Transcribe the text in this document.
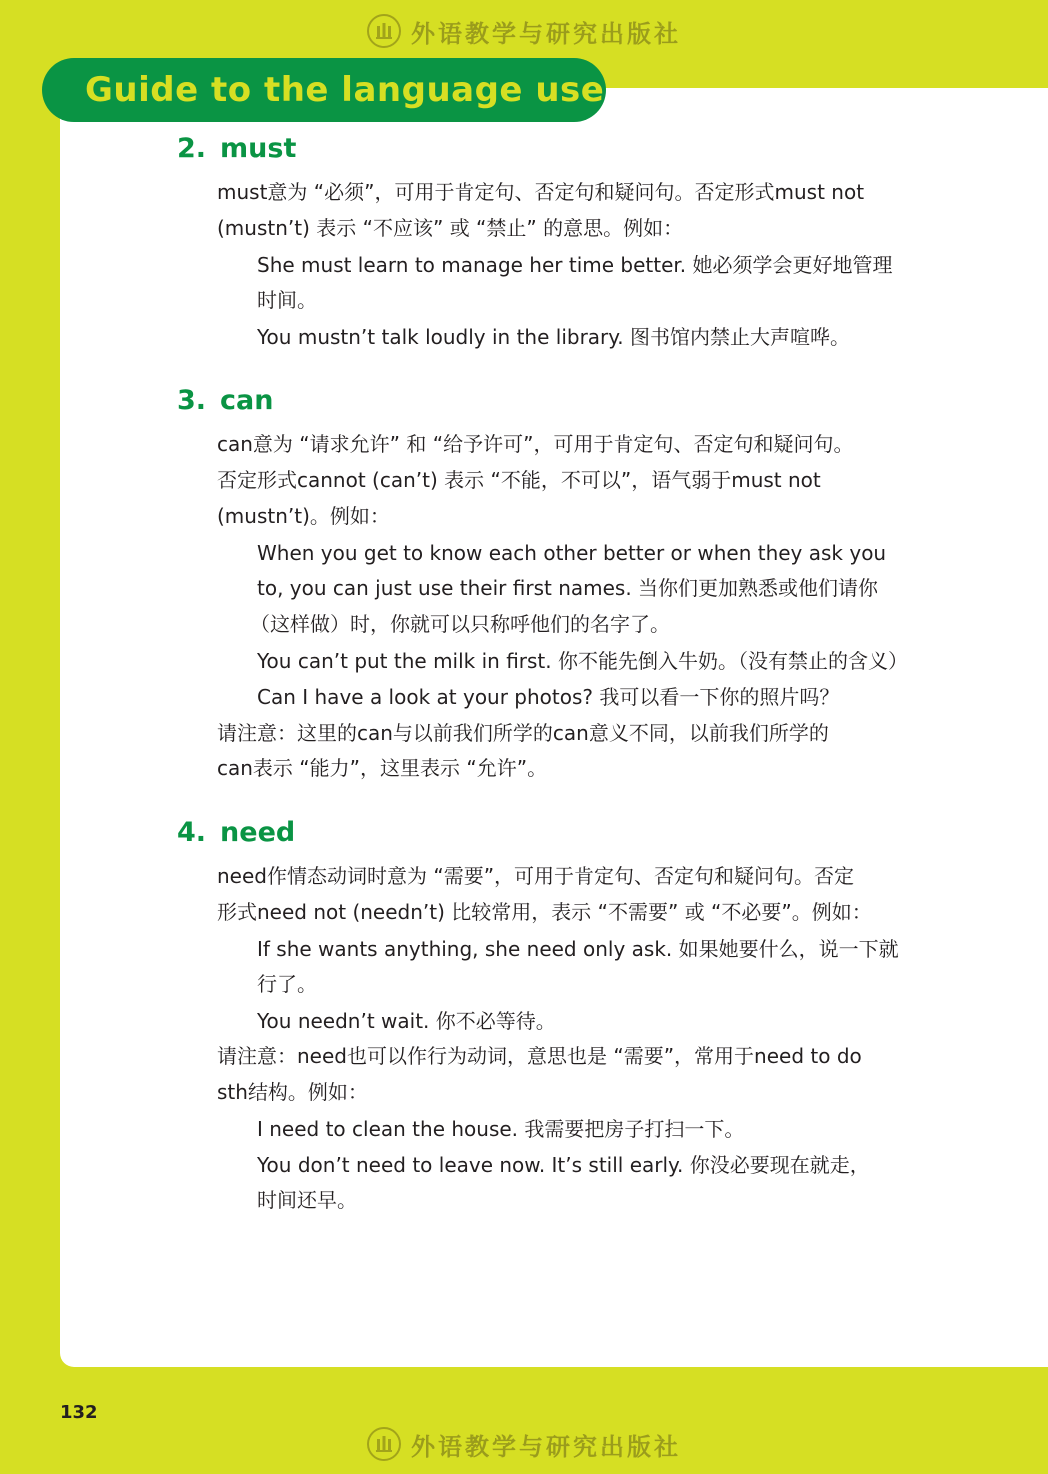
外语教学与研究出版社
Guide to the language use
2. must
must意为 “必须”，可用于肯定句、否定句和疑问句。否定形式must not
(mustn’t) 表示 “不应该” 或 “禁止” 的意思。例如：
She must learn to manage her time better. 她必须学会更好地管理
时间。
You mustn’t talk loudly in the library. 图书馆内禁止大声喧哗。
3. can
can意为 “请求允许” 和 “给予许可”，可用于肯定句、否定句和疑问句。
否定形式cannot (can’t) 表示 “不能，不可以”，语气弱于must not
(mustn’t)。例如：
When you get to know each other better or when they ask you
to, you can just use their first names. 当你们更加熟悉或他们请你
（这样做）时，你就可以只称呼他们的名字了。
You can’t put the milk in first. 你不能先倒入牛奶。（没有禁止的含义）
Can I have a look at your photos? 我可以看一下你的照片吗？
请注意：这里的can与以前我们所学的can意义不同，以前我们所学的
can表示 “能力”，这里表示 “允许”。
4. need
need作情态动词时意为 “需要”，可用于肯定句、否定句和疑问句。否定
形式need not (needn’t) 比较常用，表示 “不需要” 或 “不必要”。例如：
If she wants anything, she need only ask. 如果她要什么，说一下就
行了。
You needn’t wait. 你不必等待。
请注意：need也可以作行为动词，意思也是 “需要”，常用于need to do
sth结构。例如：
I need to clean the house. 我需要把房子打扫一下。
You don’t need to leave now. It’s still early. 你没必要现在就走，
时间还早。
132
外语教学与研究出版社
